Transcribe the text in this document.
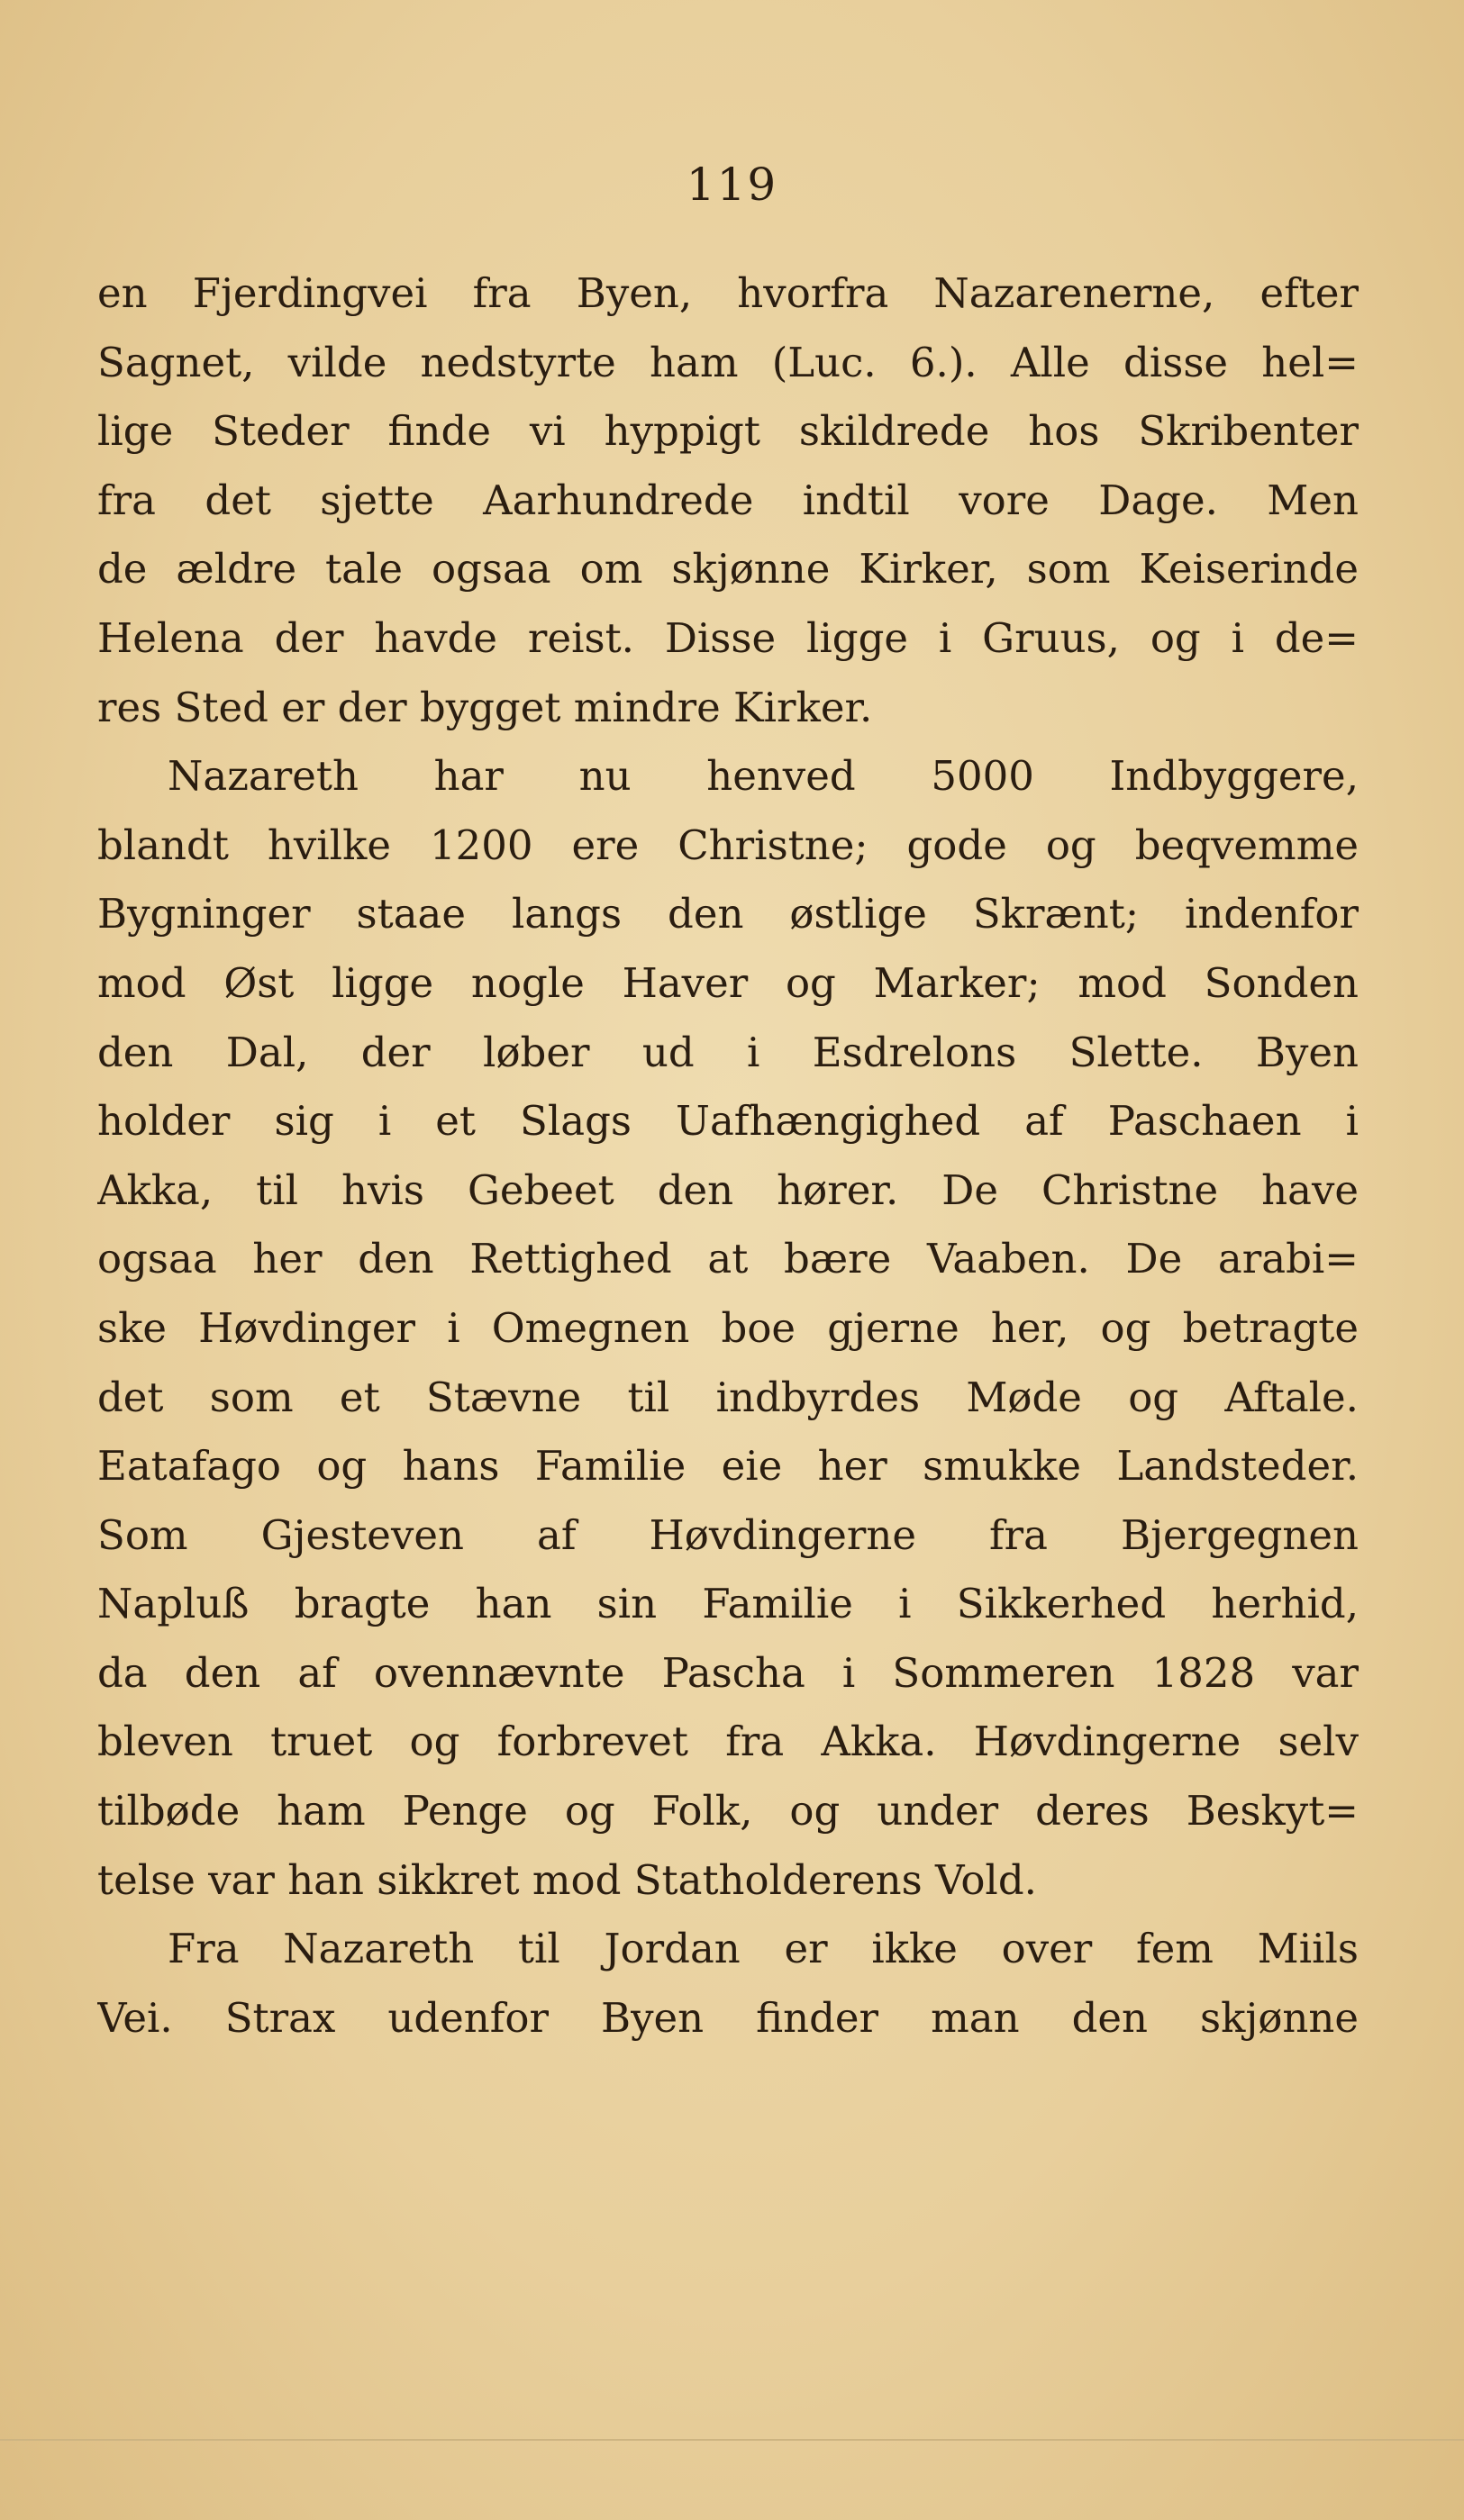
119
en Fjerdingvei fra Byen, hvorfra Nazarenerne, efter
Sagnet, vilde nedstyrte ham (Luc. 6.). Alle disse hel=
lige Steder finde vi hyppigt skildrede hos Skribenter
fra det sjette Aarhundrede indtil vore Dage. Men
de ældre tale ogsaa om skjønne Kirker, som Keiserinde
Helena der havde reist. Disse ligge i Gruus, og i de=
res Sted er der bygget mindre Kirker.
Nazareth har nu henved 5000 Indbyggere,
blandt hvilke 1200 ere Christne; gode og beqvemme
Bygninger staae langs den østlige Skrænt; indenfor
mod Øst ligge nogle Haver og Marker; mod Sonden
den Dal, der løber ud i Esdrelons Slette. Byen
holder sig i et Slags Uafhængighed af Paschaen i
Akka, til hvis Gebeet den hører. De Christne have
ogsaa her den Rettighed at bære Vaaben. De arabi=
ske Høvdinger i Omegnen boe gjerne her, og betragte
det som et Stævne til indbyrdes Møde og Aftale.
Eatafago og hans Familie eie her smukke Landsteder.
Som Gjesteven af Høvdingerne fra Bjergegnen
Napluß bragte han sin Familie i Sikkerhed herhid,
da den af ovennævnte Pascha i Sommeren 1828 var
bleven truet og forbrevet fra Akka. Høvdingerne selv
tilbøde ham Penge og Folk, og under deres Beskyt=
telse var han sikkret mod Statholderens Vold.
Fra Nazareth til Jordan er ikke over fem Miils
Vei. Strax udenfor Byen finder man den skjønne
